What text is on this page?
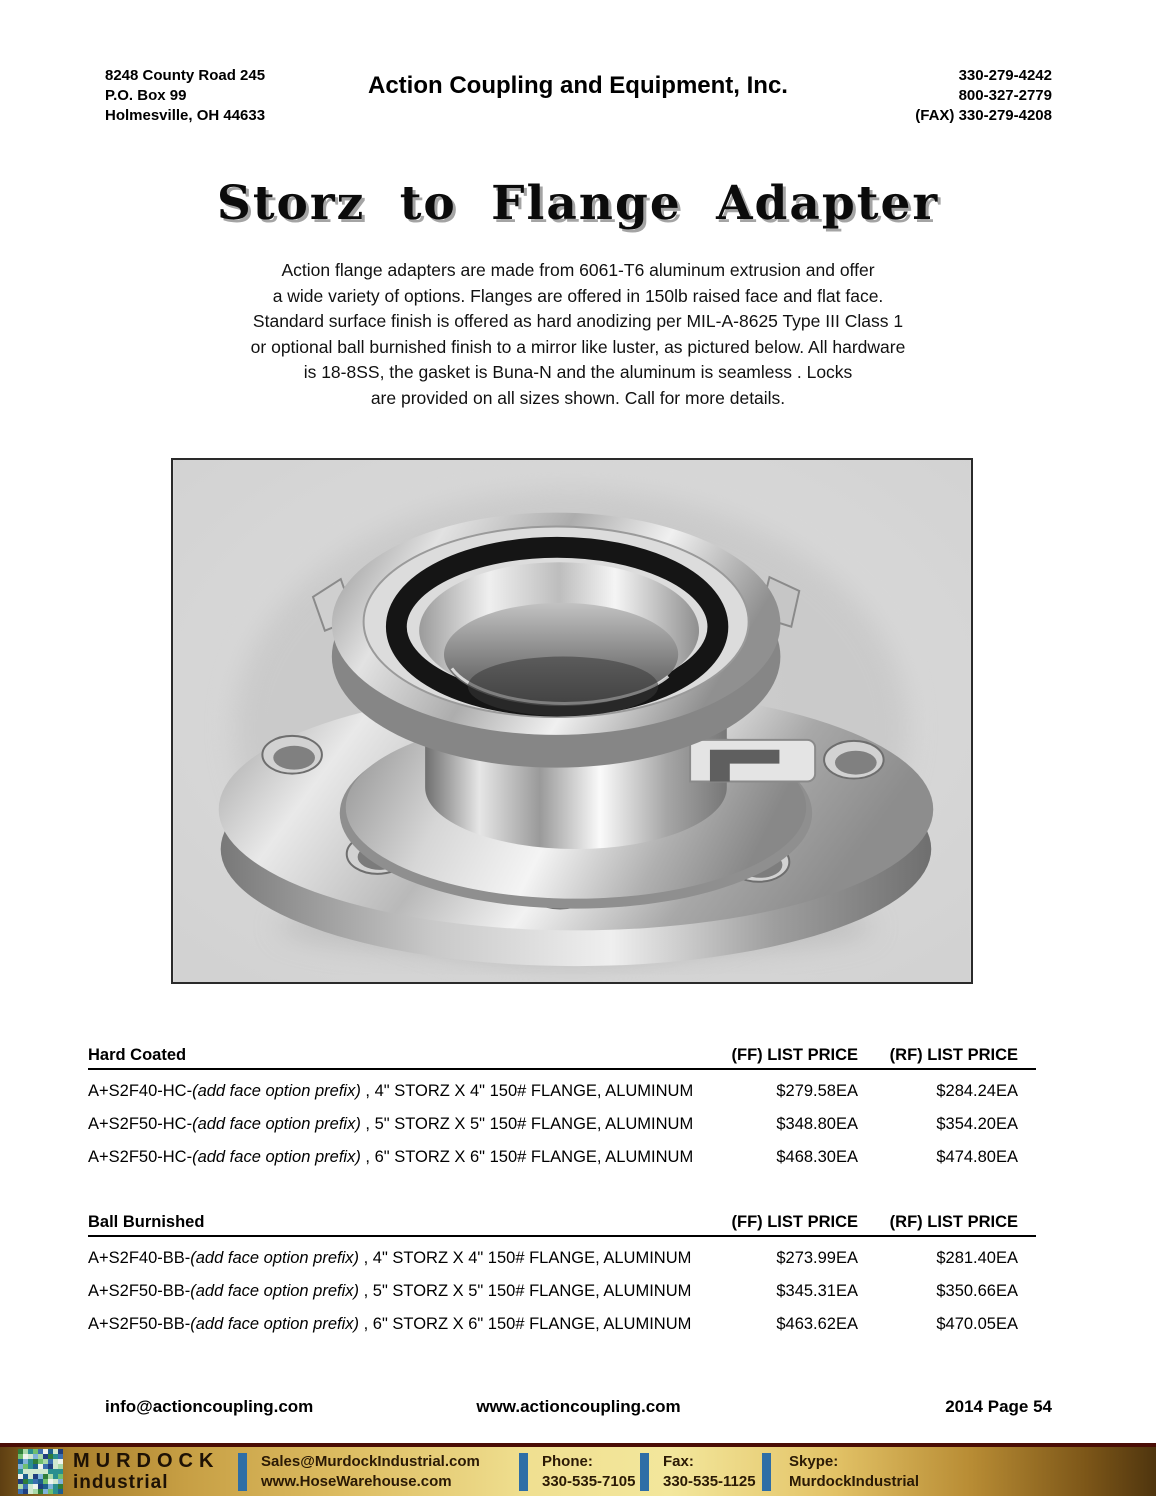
8248 County Road 245
P.O. Box 99
Holmesville, OH 44633
Action Coupling and Equipment, Inc.	330-279-4242
800-327-2779
(FAX) 330-279-4208
Storz to Flange Adapter
Action flange adapters are made from 6061-T6 aluminum extrusion and offer
a wide variety of options. Flanges are offered in 150lb raised face and flat face.
Standard surface finish is offered as hard anodizing per MIL-A-8625 Type III Class 1
or optional ball burnished finish to a mirror like luster, as pictured below. All hardware
is 18-8SS, the gasket is Buna-N and the aluminum is seamless . Locks
are provided on all sizes shown. Call for more details.
Hard Coated	(FF) LIST PRICE	(RF) LIST PRICE
A+S2F40-HC-(add face option prefix) , 4" STORZ X 4" 150# FLANGE, ALUMINUM	$279.58EA	$284.24EA
A+S2F50-HC-(add face option prefix) , 5" STORZ X 5" 150# FLANGE, ALUMINUM	$348.80EA	$354.20EA
A+S2F50-HC-(add face option prefix) , 6" STORZ X 6" 150# FLANGE, ALUMINUM	$468.30EA	$474.80EA
Ball Burnished	(FF) LIST PRICE	(RF) LIST PRICE
A+S2F40-BB-(add face option prefix) , 4" STORZ X 4" 150# FLANGE, ALUMINUM	$273.99EA	$281.40EA
A+S2F50-BB-(add face option prefix) , 5" STORZ X 5" 150# FLANGE, ALUMINUM	$345.31EA	$350.66EA
A+S2F50-BB-(add face option prefix) , 6" STORZ X 6" 150# FLANGE, ALUMINUM	$463.62EA	$470.05EA
info@actioncoupling.com	www.actioncoupling.com	2014 Page 54
MURDOCK
industrial
Sales@MurdockIndustrial.com
www.HoseWarehouse.com
Phone:
330-535-7105
Fax:
330-535-1125
Skype:
MurdockIndustrial
